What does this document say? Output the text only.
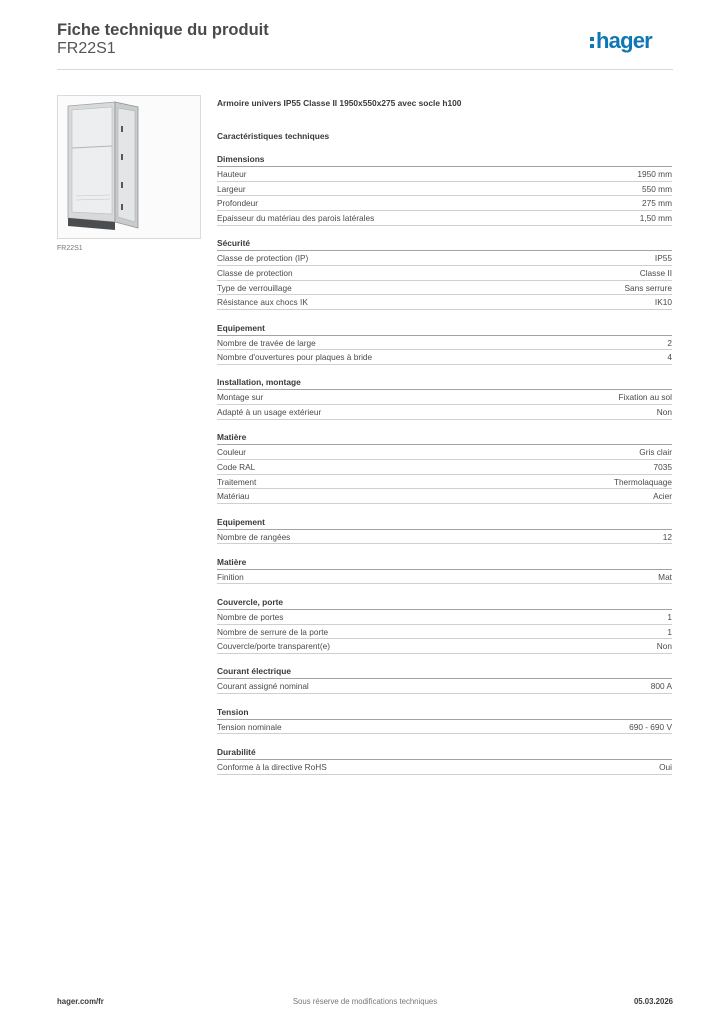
Fiche technique du produit
FR22S1	hager
FR22S1
Armoire univers IP55 Classe II 1950x550x275 avec socle h100
Caractéristiques techniques
Dimensions
Hauteur	1950 mm
Largeur	550 mm
Profondeur	275 mm
Epaisseur du matériau des parois latérales	1,50 mm
Sécurité
Classe de protection (IP)	IP55
Classe de protection	Classe II
Type de verrouillage	Sans serrure
Résistance aux chocs IK	IK10
Equipement
Nombre de travée de large	2
Nombre d'ouvertures pour plaques à bride	4
Installation, montage
Montage sur	Fixation au sol
Adapté à un usage extérieur	Non
Matière
Couleur	Gris clair
Code RAL	7035
Traitement	Thermolaquage
Matériau	Acier
Equipement
Nombre de rangées	12
Matière
Finition	Mat
Couvercle, porte
Nombre de portes	1
Nombre de serrure de la porte	1
Couvercle/porte transparent(e)	Non
Courant électrique
Courant assigné nominal	800 A
Tension
Tension nominale	690 - 690 V
Durabilité
Conforme à la directive RoHS	Oui
Sous réserve de modifications techniques
hager.com/fr	05.03.2026
